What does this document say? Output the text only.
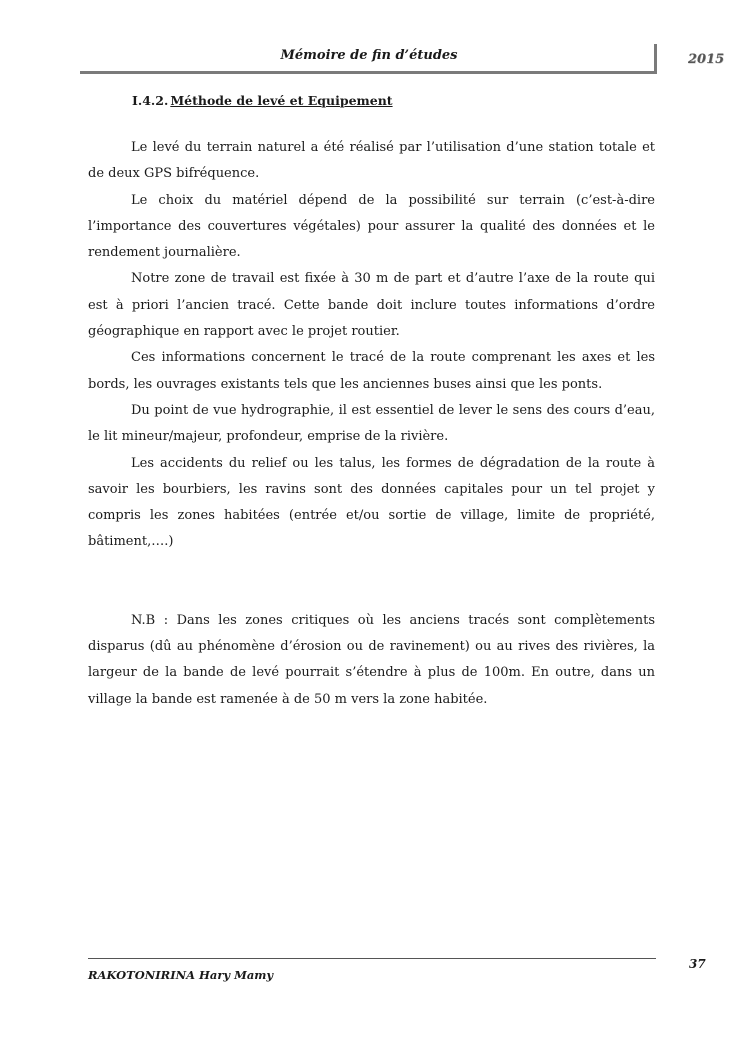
Mémoire de fin d’études	2015
I.4.2. Méthode de levé et Equipement

Le levé du terrain naturel a été réalisé par l’utilisation d’une station totale et de deux GPS bifréquence.

Le choix du matériel dépend de la possibilité sur terrain (c’est-à-dire l’importance des couvertures végétales) pour assurer la qualité des données et le rendement journalière.

Notre zone de travail est fixée à 30 m de part et d’autre l’axe de la route qui est à priori l’ancien tracé. Cette bande doit inclure toutes informations d’ordre géographique en rapport avec le projet routier.

Ces informations concernent le tracé de la route comprenant les axes et les bords, les ouvrages existants tels que les anciennes buses ainsi que les ponts.

Du point de vue hydrographie, il est essentiel de lever le sens des cours d’eau, le lit mineur/majeur, profondeur, emprise de la rivière.

Les accidents du relief ou les talus, les formes de dégradation de la route à savoir les bourbiers, les ravins sont des données capitales pour un tel projet y compris les zones habitées (entrée et/ou sortie de village, limite de propriété, bâtiment,….)

N.B : Dans les zones critiques où les anciens tracés sont complètements disparus (dû au phénomène d’érosion ou de ravinement) ou au rives des rivières, la largeur de la bande de levé pourrait s’étendre à plus de 100m. En outre, dans un village la bande est ramenée à de 50 m vers la zone habitée.

RAKOTONIRINA Hary Mamy
37
